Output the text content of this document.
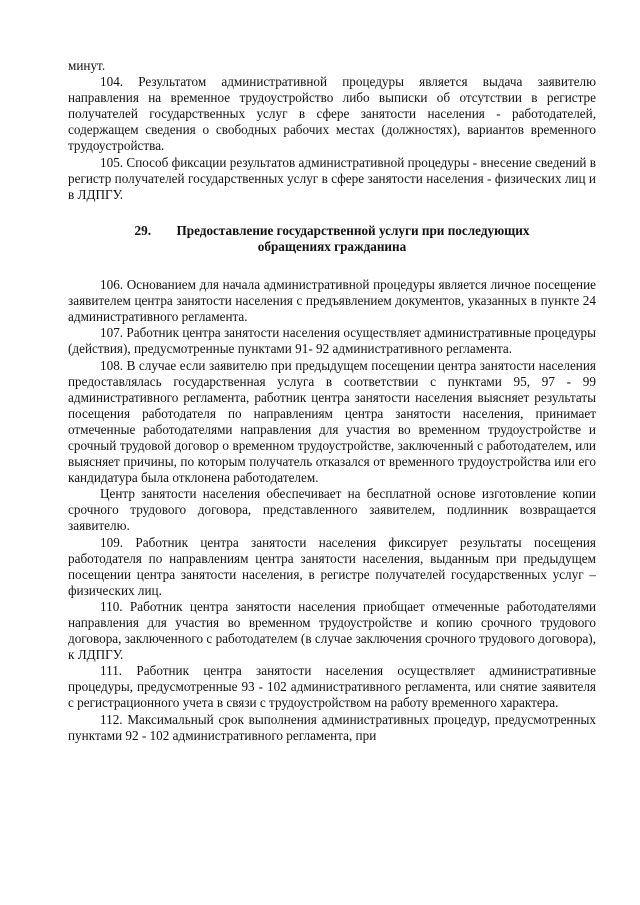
минут.

104. Результатом административной процедуры является выдача заявителю направления на временное трудоустройство либо выписки об отсутствии в регистре получателей государственных услуг в сфере занятости населения - работодателей, содержащем сведения о свободных рабочих местах (должностях), вариантов временного трудоустройства.

105. Способ фиксации результатов административной процедуры - внесение сведений в регистр получателей государственных услуг в сфере занятости населения - физических лиц и в ЛДПГУ.

29. Предоставление государственной услуги при последующих
обращениях гражданина

106. Основанием для начала административной процедуры является личное посещение заявителем центра занятости населения с предъявлением документов, указанных в пункте 24 административного регламента.

107. Работник центра занятости населения осуществляет административные процедуры (действия), предусмотренные пунктами 91- 92 административного регламента.

108. В случае если заявителю при предыдущем посещении центра занятости населения предоставлялась государственная услуга в соответствии с пунктами 95, 97 - 99 административного регламента, работник центра занятости населения выясняет результаты посещения работодателя по направлениям центра занятости населения, принимает отмеченные работодателями направления для участия во временном трудоустройстве и срочный трудовой договор о временном трудоустройстве, заключенный с работодателем, или выясняет причины, по которым получатель отказался от временного трудоустройства или его кандидатура была отклонена работодателем.

Центр занятости населения обеспечивает на бесплатной основе изготовление копии срочного трудового договора, представленного заявителем, подлинник возвращается заявителю.

109. Работник центра занятости населения фиксирует результаты посещения работодателя по направлениям центра занятости населения, выданным при предыдущем посещении центра занятости населения, в регистре получателей государственных услуг –физических лиц.

110. Работник центра занятости населения приобщает отмеченные работодателями направления для участия во временном трудоустройстве и копию срочного трудового договора, заключенного с работодателем (в случае заключения срочного трудового договора), к ЛДПГУ.

111. Работник центра занятости населения осуществляет административные процедуры, предусмотренные 93 - 102 административного регламента, или снятие заявителя с регистрационного учета в связи с трудоустройством на работу временного характера.

112. Максимальный срок выполнения административных процедур, предусмотренных пунктами 92 - 102 административного регламента, при
